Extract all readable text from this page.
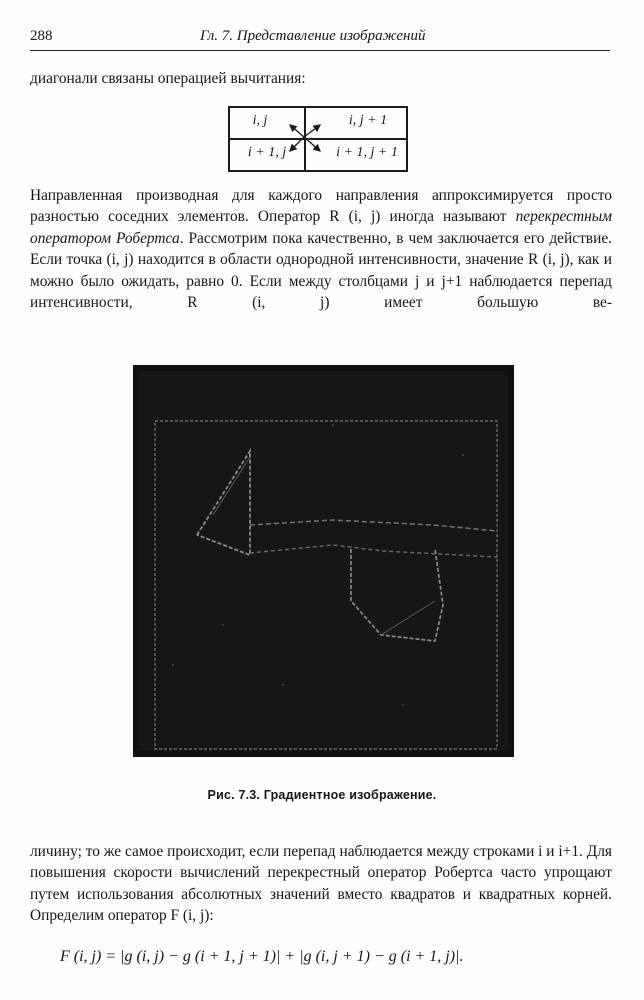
288	Гл. 7. Представление изображений
диагонали связаны операцией вычитания:
i, j	i, j + 1
i + 1, j	i + 1, j + 1
Направленная производная для каждого направления аппроксимируется просто разностью соседних элементов. Оператор R (i, j) иногда называют перекрестным оператором Робертса. Рассмотрим пока качественно, в чем заключается его действие. Если точка (i, j) находится в области однородной интенсивности, значение R (i, j), как и можно было ожидать, равно 0. Если между столбцами j и j+1 наблюдается перепад интенсивности, R (i, j) имеет большую ве-
Рис. 7.3. Градиентное изображение.
личину; то же самое происходит, если перепад наблюдается между строками i и i+1. Для повышения скорости вычислений перекрестный оператор Робертса часто упрощают путем использования абсолютных значений вместо квадратов и квадратных корней. Определим оператор F (i, j):
F (i, j) = |g (i, j) − g (i + 1, j + 1)| + |g (i, j + 1) − g (i + 1, j)|.
